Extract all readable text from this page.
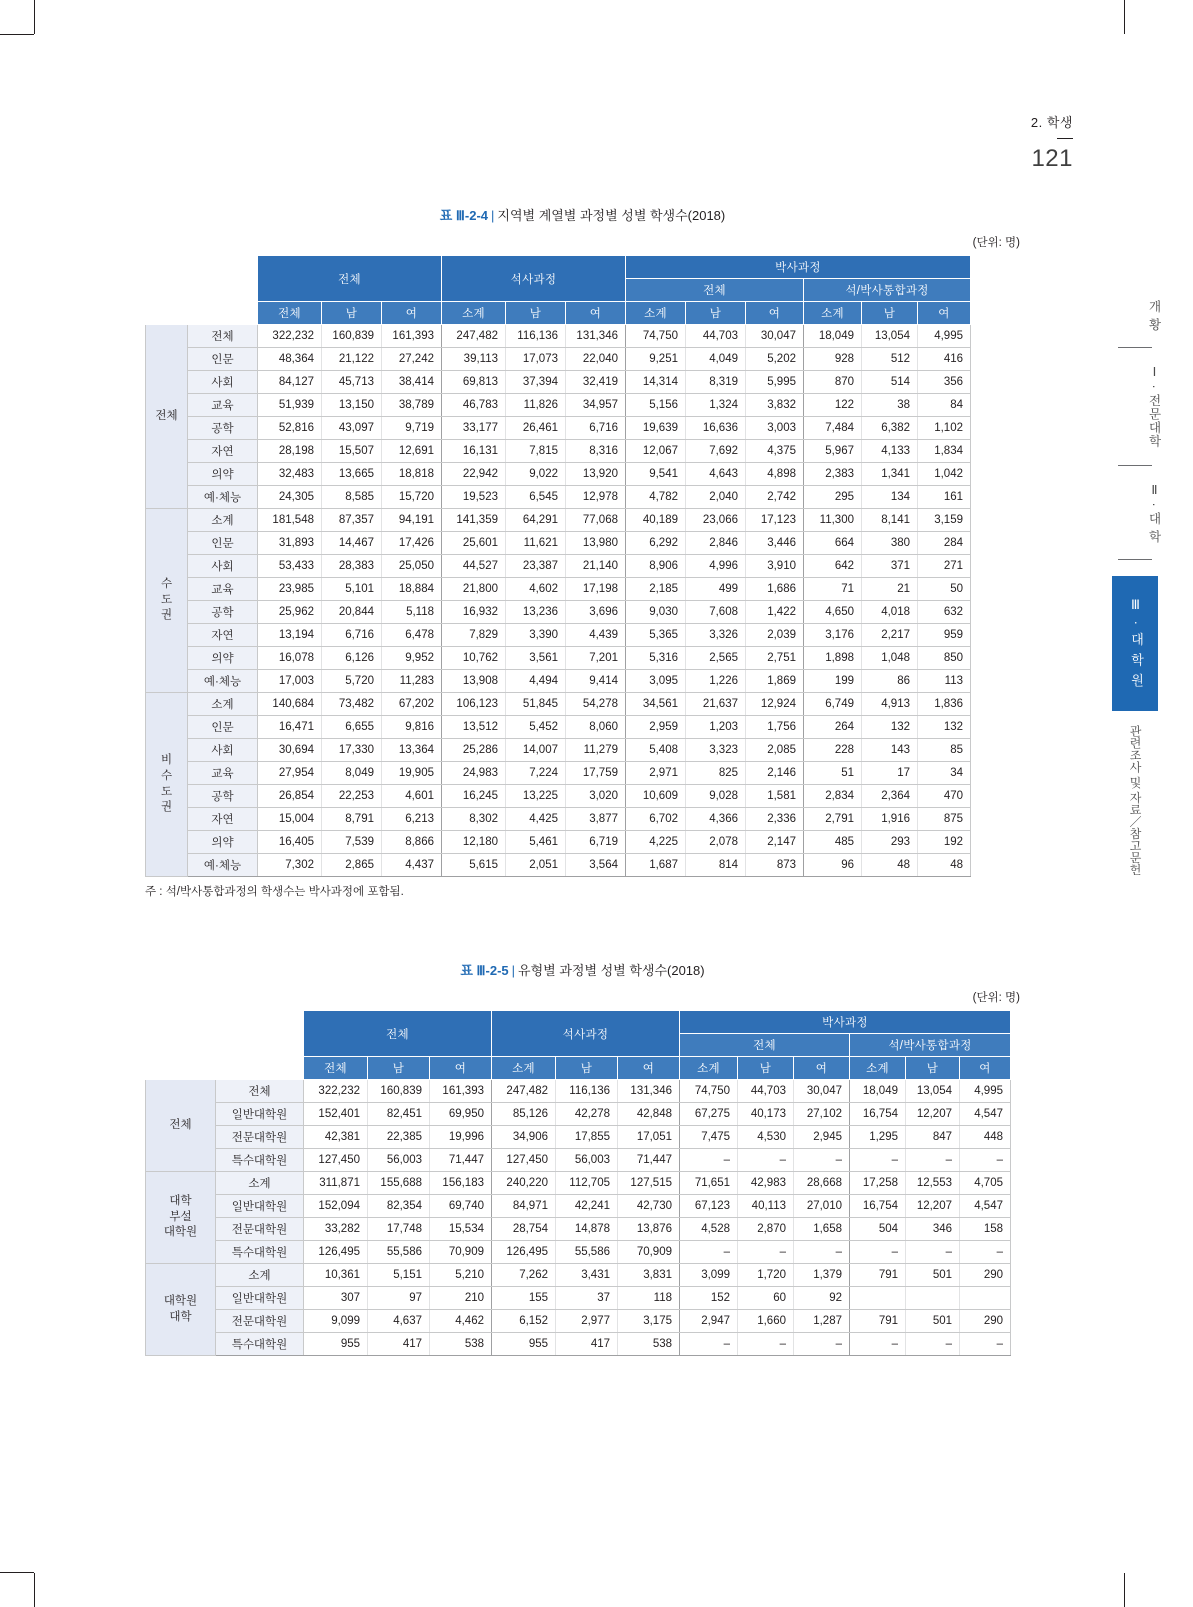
2. 학생
121
개 황
Ⅰ · 전문대학
Ⅱ · 대 학
Ⅲ · 대 학 원
관련조사 및 자료／참고문헌
표 Ⅲ-2-4 | 지역별 계열별 과정별 성별 학생수(2018)
(단위: 명)
		전체			석사과정			박사과정					
								전체			석/박사통합과정		
		전체	남	여	소계	남	여	소계	남	여	소계	남	여
전체	전체	322,232	160,839	161,393	247,482	116,136	131,346	74,750	44,703	30,047	18,049	13,054	4,995
	인문	48,364	21,122	27,242	39,113	17,073	22,040	9,251	4,049	5,202	928	512	416
	사회	84,127	45,713	38,414	69,813	37,394	32,419	14,314	8,319	5,995	870	514	356
	교육	51,939	13,150	38,789	46,783	11,826	34,957	5,156	1,324	3,832	122	38	84
	공학	52,816	43,097	9,719	33,177	26,461	6,716	19,639	16,636	3,003	7,484	6,382	1,102
	자연	28,198	15,507	12,691	16,131	7,815	8,316	12,067	7,692	4,375	5,967	4,133	1,834
	의약	32,483	13,665	18,818	22,942	9,022	13,920	9,541	4,643	4,898	2,383	1,341	1,042
	예·체능	24,305	8,585	15,720	19,523	6,545	12,978	4,782	2,040	2,742	295	134	161
수
도
권	소계	181,548	87,357	94,191	141,359	64,291	77,068	40,189	23,066	17,123	11,300	8,141	3,159
	인문	31,893	14,467	17,426	25,601	11,621	13,980	6,292	2,846	3,446	664	380	284
	사회	53,433	28,383	25,050	44,527	23,387	21,140	8,906	4,996	3,910	642	371	271
	교육	23,985	5,101	18,884	21,800	4,602	17,198	2,185	499	1,686	71	21	50
	공학	25,962	20,844	5,118	16,932	13,236	3,696	9,030	7,608	1,422	4,650	4,018	632
	자연	13,194	6,716	6,478	7,829	3,390	4,439	5,365	3,326	2,039	3,176	2,217	959
	의약	16,078	6,126	9,952	10,762	3,561	7,201	5,316	2,565	2,751	1,898	1,048	850
	예·체능	17,003	5,720	11,283	13,908	4,494	9,414	3,095	1,226	1,869	199	86	113
비
수
도
권	소계	140,684	73,482	67,202	106,123	51,845	54,278	34,561	21,637	12,924	6,749	4,913	1,836
	인문	16,471	6,655	9,816	13,512	5,452	8,060	2,959	1,203	1,756	264	132	132
	사회	30,694	17,330	13,364	25,286	14,007	11,279	5,408	3,323	2,085	228	143	85
	교육	27,954	8,049	19,905	24,983	7,224	17,759	2,971	825	2,146	51	17	34
	공학	26,854	22,253	4,601	16,245	13,225	3,020	10,609	9,028	1,581	2,834	2,364	470
	자연	15,004	8,791	6,213	8,302	4,425	3,877	6,702	4,366	2,336	2,791	1,916	875
	의약	16,405	7,539	8,866	12,180	5,461	6,719	4,225	2,078	2,147	485	293	192
	예·체능	7,302	2,865	4,437	5,615	2,051	3,564	1,687	814	873	96	48	48
주 : 석/박사통합과정의 학생수는 박사과정에 포함됨.
표 Ⅲ-2-5 | 유형별 과정별 성별 학생수(2018)
(단위: 명)
		전체			석사과정			박사과정					
								전체			석/박사통합과정		
		전체	남	여	소계	남	여	소계	남	여	소계	남	여
전체	전체	322,232	160,839	161,393	247,482	116,136	131,346	74,750	44,703	30,047	18,049	13,054	4,995
	일반대학원	152,401	82,451	69,950	85,126	42,278	42,848	67,275	40,173	27,102	16,754	12,207	4,547
	전문대학원	42,381	22,385	19,996	34,906	17,855	17,051	7,475	4,530	2,945	1,295	847	448
	특수대학원	127,450	56,003	71,447	127,450	56,003	71,447	–	–	–	–	–	–
대학
부설
대학원	소계	311,871	155,688	156,183	240,220	112,705	127,515	71,651	42,983	28,668	17,258	12,553	4,705
	일반대학원	152,094	82,354	69,740	84,971	42,241	42,730	67,123	40,113	27,010	16,754	12,207	4,547
	전문대학원	33,282	17,748	15,534	28,754	14,878	13,876	4,528	2,870	1,658	504	346	158
	특수대학원	126,495	55,586	70,909	126,495	55,586	70,909	–	–	–	–	–	–
대학원
대학	소계	10,361	5,151	5,210	7,262	3,431	3,831	3,099	1,720	1,379	791	501	290
	일반대학원	307	97	210	155	37	118	152	60	92			
	전문대학원	9,099	4,637	4,462	6,152	2,977	3,175	2,947	1,660	1,287	791	501	290
	특수대학원	955	417	538	955	417	538	–	–	–	–	–	–
